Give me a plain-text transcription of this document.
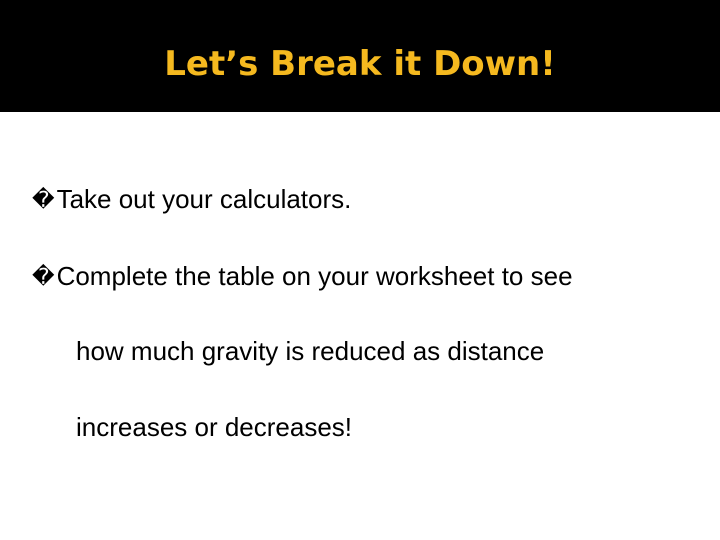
Let’s Break it Down!
�Take out your calculators.
�Complete the table on your worksheet to see
how much gravity is reduced as distance
increases or decreases!
